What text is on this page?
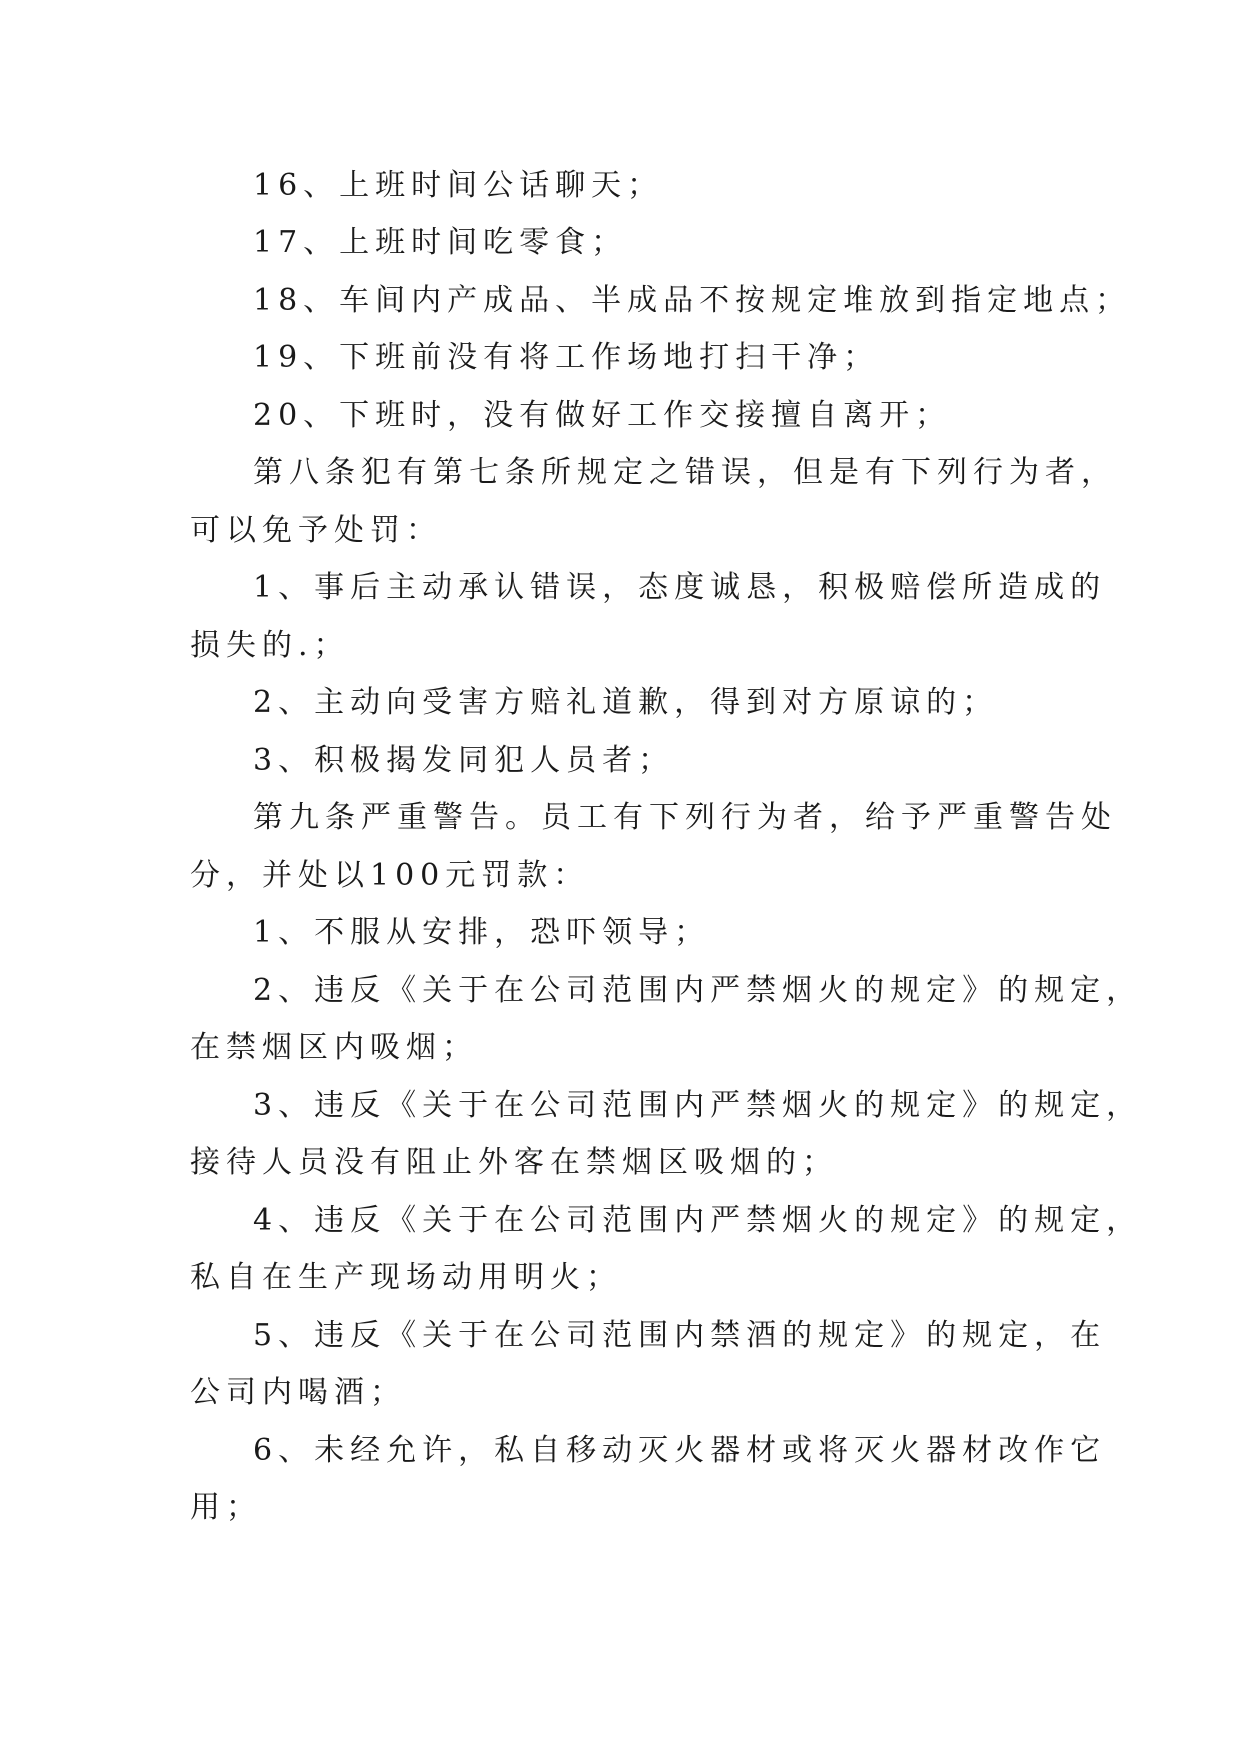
16、上班时间公话聊天；
17、上班时间吃零食；
18、车间内产成品、半成品不按规定堆放到指定地点；
19、下班前没有将工作场地打扫干净；
20、下班时，没有做好工作交接擅自离开；
第八条犯有第七条所规定之错误，但是有下列行为者，
可以免予处罚：
1、事后主动承认错误，态度诚恳，积极赔偿所造成的
损失的.；
2、主动向受害方赔礼道歉，得到对方原谅的；
3、积极揭发同犯人员者；
第九条严重警告。员工有下列行为者，给予严重警告处
分，并处以100元罚款：
1、不服从安排，恐吓领导；
2、违反《关于在公司范围内严禁烟火的规定》的规定，
在禁烟区内吸烟；
3、违反《关于在公司范围内严禁烟火的规定》的规定，
接待人员没有阻止外客在禁烟区吸烟的；
4、违反《关于在公司范围内严禁烟火的规定》的规定，
私自在生产现场动用明火；
5、违反《关于在公司范围内禁酒的规定》的规定，在
公司内喝酒；
6、未经允许，私自移动灭火器材或将灭火器材改作它
用；
